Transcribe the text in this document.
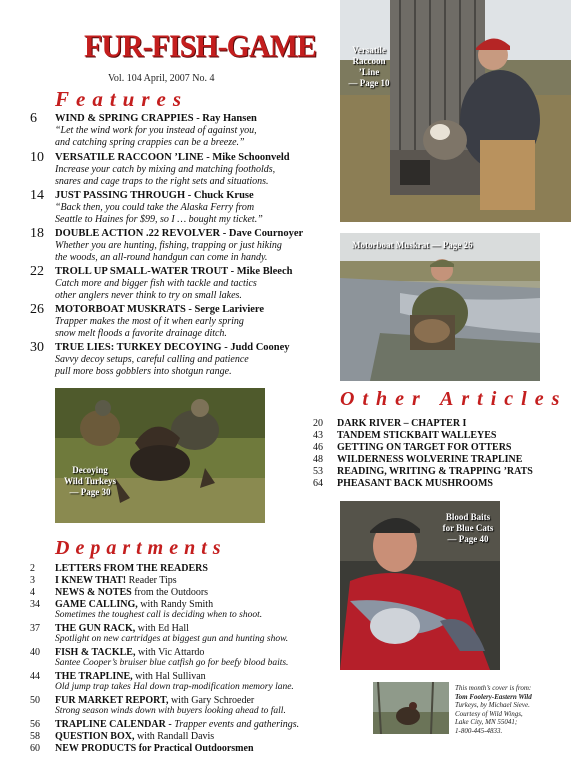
FUR-FISH-GAME
Vol. 104 April, 2007 No. 4
Features
6 WIND & SPRING CRAPPIES - Ray Hansen
“Let the wind work for you instead of against you,
and catching spring crappies can be a breeze.”
10 VERSATILE RACCOON ’LINE - Mike Schoonveld
Increase your catch by mixing and matching footholds,
snares and cage traps to the right sets and situations.
14 JUST PASSING THROUGH - Chuck Kruse
“Back then, you could take the Alaska Ferry from
Seattle to Haines for $99, so I … bought my ticket.”
18 DOUBLE ACTION .22 REVOLVER - Dave Cournoyer
Whether you are hunting, fishing, trapping or just hiking
the woods, an all-round handgun can come in handy.
22 TROLL UP SMALL-WATER TROUT - Mike Bleech
Catch more and bigger fish with tackle and tactics
other anglers never think to try on small lakes.
26 MOTORBOAT MUSKRATS - Serge Lariviere
Trapper makes the most of it when early spring
snow melt floods a favorite drainage ditch.
30 TRUE LIES: TURKEY DECOYING - Judd Cooney
Savvy decoy setups, careful calling and patience
pull more boss gobblers into shotgun range.
Versatile
Raccoon
’Line
— Page 10
Motorboat Muskrat — Page 26
Other Articles
20 DARK RIVER – CHAPTER I
43 TANDEM STICKBAIT WALLEYES
46 GETTING ON TARGET FOR OTTERS
48 WILDERNESS WOLVERINE TRAPLINE
53 READING, WRITING & TRAPPING ’RATS
64 PHEASANT BACK MUSHROOMS
Decoying
Wild Turkeys
— Page 30
Blood Baits
for Blue Cats
— Page 40
Departments
2 LETTERS FROM THE READERS
3 I KNEW THAT! Reader Tips
4 NEWS & NOTES from the Outdoors
34 GAME CALLING, with Randy Smith
Sometimes the toughest call is deciding when to shoot.
37 THE GUN RACK, with Ed Hall
Spotlight on new cartridges at biggest gun and hunting show.
40 FISH & TACKLE, with Vic Attardo
Santee Cooper’s bruiser blue catfish go for beefy blood baits.
44 THE TRAPLINE, with Hal Sullivan
Old jump trap takes Hal down trap-modification memory lane.
50 FUR MARKET REPORT, with Gary Schroeder
Strong season winds down with buyers looking ahead to fall.
56 TRAPLINE CALENDAR - Trapper events and gatherings.
58 QUESTION BOX, with Randall Davis
60 NEW PRODUCTS for Practical Outdoorsmen
This month’s cover is from:
Tom Foolery-Eastern Wild
Turkeys, by Michael Sieve.
Courtesy of Wild Wings,
Lake City, MN 55041;
1-800-445-4833.
